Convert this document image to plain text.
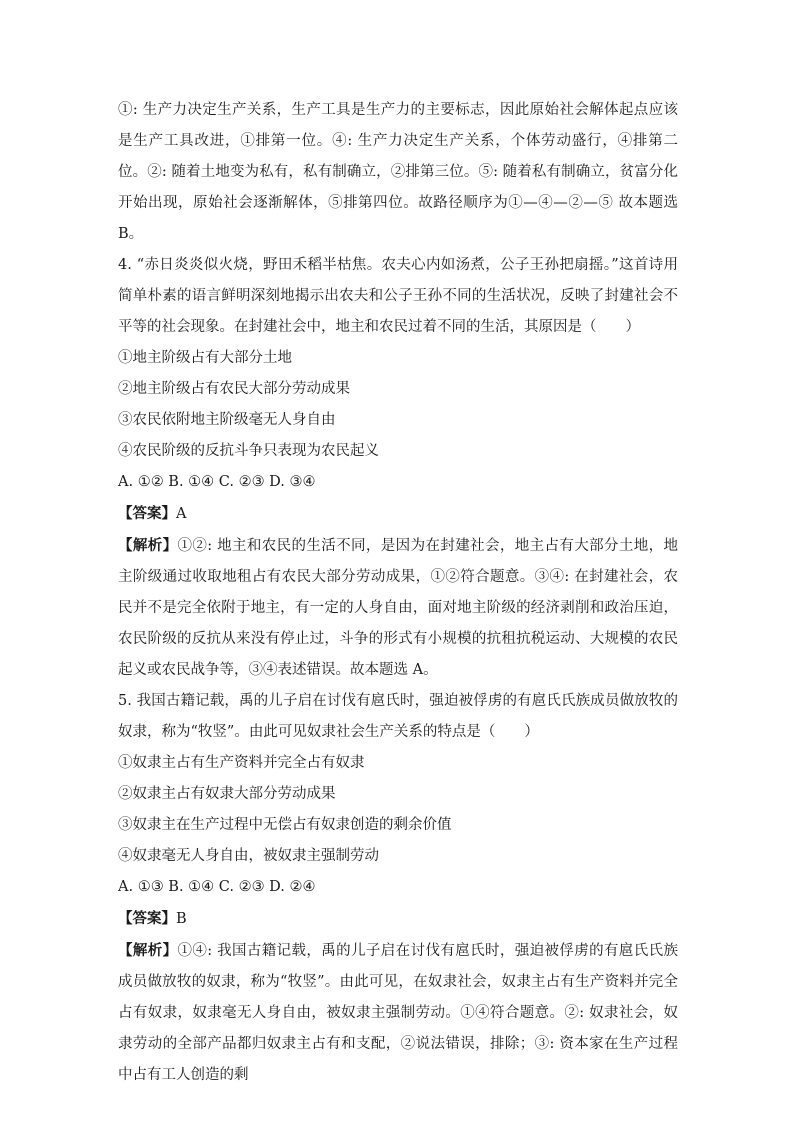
①: 生产力决定生产关系，生产工具是生产力的主要标志，因此原始社会解体起点应该是生产工具改进，①排第一位。④: 生产力决定生产关系，个体劳动盛行，④排第二位。②: 随着土地变为私有，私有制确立，②排第三位。⑤: 随着私有制确立，贫富分化开始出现，原始社会逐渐解体，⑤排第四位。故路径顺序为①—④—②—⑤ 故本题选 B。

4. “赤日炎炎似火烧，野田禾稻半枯焦。农夫心内如汤煮，公子王孙把扇摇。”这首诗用简单朴素的语言鲜明深刻地揭示出农夫和公子王孙不同的生活状况，反映了封建社会不平等的社会现象。在封建社会中，地主和农民过着不同的生活，其原因是（　　）

①地主阶级占有大部分土地

②地主阶级占有农民大部分劳动成果

③农民依附地主阶级毫无人身自由

④农民阶级的反抗斗争只表现为农民起义

A. ①② B. ①④ C. ②③ D. ③④

【答案】A

【解析】①②: 地主和农民的生活不同，是因为在封建社会，地主占有大部分土地，地主阶级通过收取地租占有农民大部分劳动成果，①②符合题意。③④: 在封建社会，农民并不是完全依附于地主，有一定的人身自由，面对地主阶级的经济剥削和政治压迫，农民阶级的反抗从来没有停止过，斗争的形式有小规模的抗租抗税运动、大规模的农民起义或农民战争等，③④表述错误。故本题选 A。

5. 我国古籍记载，禹的儿子启在讨伐有扈氏时，强迫被俘虏的有扈氏氏族成员做放牧的奴隶，称为“牧竖”。由此可见奴隶社会生产关系的特点是（　　）

①奴隶主占有生产资料并完全占有奴隶

②奴隶主占有奴隶大部分劳动成果

③奴隶主在生产过程中无偿占有奴隶创造的剩余价值

④奴隶毫无人身自由，被奴隶主强制劳动

A. ①③ B. ①④ C. ②③ D. ②④

【答案】B

【解析】①④: 我国古籍记载，禹的儿子启在讨伐有扈氏时，强迫被俘虏的有扈氏氏族成员做放牧的奴隶，称为“牧竖”。由此可见，在奴隶社会，奴隶主占有生产资料并完全占有奴隶，奴隶毫无人身自由，被奴隶主强制劳动。①④符合题意。②: 奴隶社会，奴隶劳动的全部产品都归奴隶主占有和支配，②说法错误，排除；③: 资本家在生产过程中占有工人创造的剩
